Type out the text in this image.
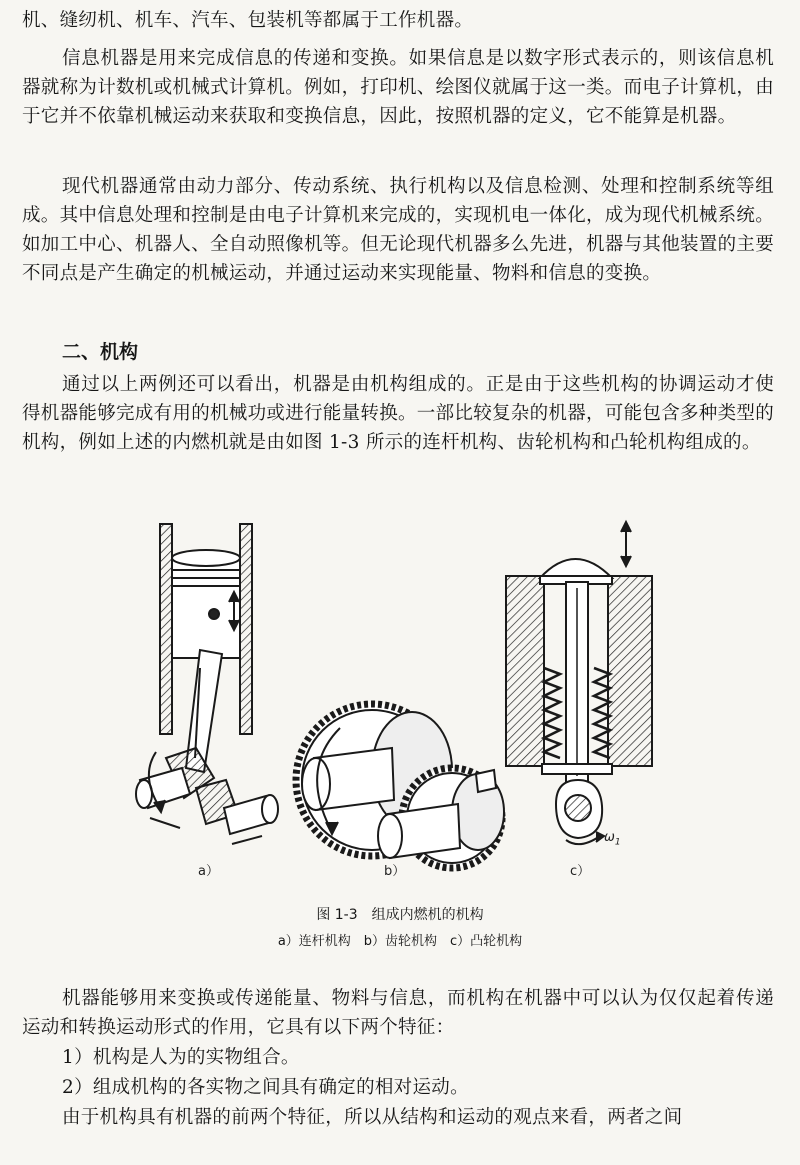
机、缝纫机、机车、汽车、包装机等都属于工作机器。

信息机器是用来完成信息的传递和变换。如果信息是以数字形式表示的，则该信息机器就称为计数机或机械式计算机。例如，打印机、绘图仪就属于这一类。而电子计算机，由于它并不依靠机械运动来获取和变换信息，因此，按照机器的定义，它不能算是机器。

现代机器通常由动力部分、传动系统、执行机构以及信息检测、处理和控制系统等组成。其中信息处理和控制是由电子计算机来完成的，实现机电一体化，成为现代机械系统。如加工中心、机器人、全自动照像机等。但无论现代机器多么先进，机器与其他装置的主要不同点是产生确定的机械运动，并通过运动来实现能量、物料和信息的变换。

二、机构

通过以上两例还可以看出，机器是由机构组成的。正是由于这些机构的协调运动才使得机器能够完成有用的机械功或进行能量转换。一部比较复杂的机器，可能包含多种类型的机构，例如上述的内燃机就是由如图 1-3 所示的连杆机构、齿轮机构和凸轮机构组成的。

a）	b）	c）
$\omega_1$
图 1-3　组成内燃机的机构
a）连杆机构　b）齿轮机构　c）凸轮机构

机器能够用来变换或传递能量、物料与信息，而机构在机器中可以认为仅仅起着传递运动和转换运动形式的作用，它具有以下两个特征：

1）机构是人为的实物组合。

2）组成机构的各实物之间具有确定的相对运动。

由于机构具有机器的前两个特征，所以从结构和运动的观点来看，两者之间
